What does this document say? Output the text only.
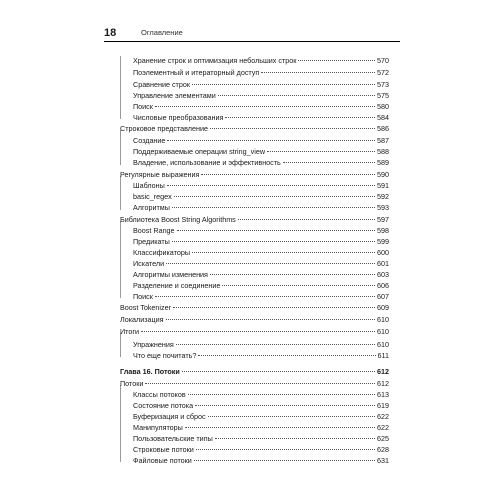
18	Оглавление
Хранение строк и оптимизация небольших строк	570
Поэлементный и итераторный доступ	572
Сравнение строк	573
Управление элементами	575
Поиск	580
Числовые преобразования	584
Строковое представление	586
Создание	587
Поддерживаемые операции string_view	588
Владение, использование и эффективность	589
Регулярные выражения	590
Шаблоны	591
basic_regex	592
Алгоритмы	593
Библиотека Boost String Algorithms	597
Boost Range	598
Предикаты	599
Классификаторы	600
Искатели	601
Алгоритмы изменения	603
Разделение и соединение	606
Поиск	607
Boost Tokenizer	609
Локализация	610
Итоги	610
Упражнения	610
Что еще почитать?	611
Глава 16. Потоки	612
Потоки	612
Классы потоков	613
Состояние потока	619
Буферизация и сброс	622
Манипуляторы	622
Пользовательские типы	625
Строковые потоки	628
Файловые потоки	631
